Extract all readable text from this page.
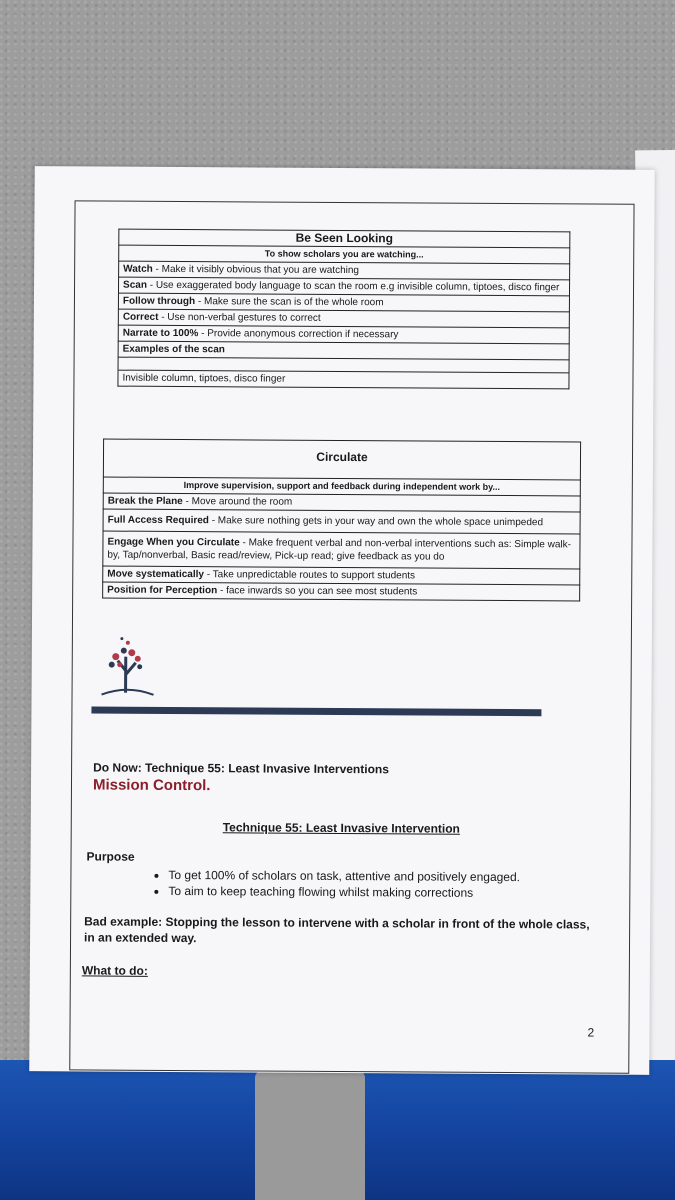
Be Seen Looking
To show scholars you are watching...
Watch - Make it visibly obvious that you are watching
Scan - Use exaggerated body language to scan the room e.g invisible column, tiptoes, disco finger
Follow through - Make sure the scan is of the whole room
Correct - Use non-verbal gestures to correct
Narrate to 100% - Provide anonymous correction if necessary
Examples of the scan

Invisible column, tiptoes, disco finger
Circulate
Improve supervision, support and feedback during independent work by...
Break the Plane - Move around the room
Full Access Required - Make sure nothing gets in your way and own the whole space unimpeded
Engage When you Circulate - Make frequent verbal and non-verbal interventions such as: Simple walk-by, Tap/nonverbal, Basic read/review, Pick-up read; give feedback as you do
Move systematically - Take unpredictable routes to support students
Position for Perception - face inwards so you can see most students
Do Now: Technique 55: Least Invasive Interventions
Mission Control.
Technique 55: Least Invasive Intervention
Purpose
• To get 100% of scholars on task, attentive and positively engaged.
• To aim to keep teaching flowing whilst making corrections
Bad example: Stopping the lesson to intervene with a scholar in front of the whole class, in an extended way.
What to do:
2
